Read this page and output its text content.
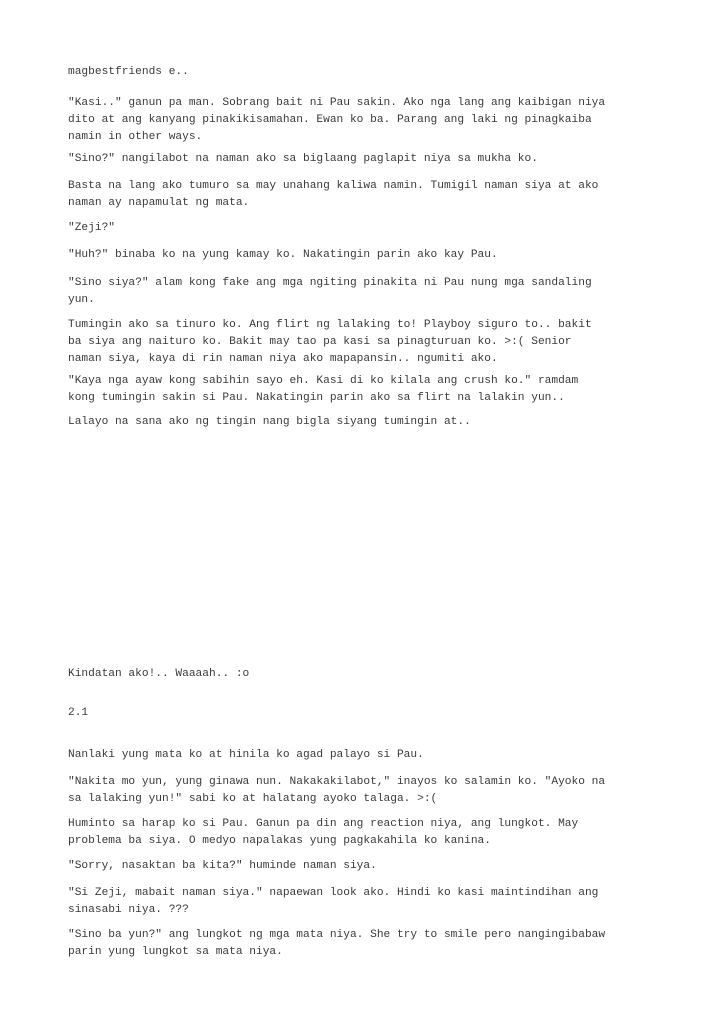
magbestfriends e..

"Kasi.." ganun pa man. Sobrang bait ni Pau sakin. Ako nga lang ang kaibigan niya
dito at ang kanyang pinakikisamahan. Ewan ko ba. Parang ang laki ng pinagkaiba
namin in other ways.

"Sino?" nangilabot na naman ako sa biglaang paglapit niya sa mukha ko.

Basta na lang ako tumuro sa may unahang kaliwa namin. Tumigil naman siya at ako
naman ay napamulat ng mata.

"Zeji?"

"Huh?" binaba ko na yung kamay ko. Nakatingin parin ako kay Pau.

"Sino siya?" alam kong fake ang mga ngiting pinakita ni Pau nung mga sandaling
yun.

Tumingin ako sa tinuro ko. Ang flirt ng lalaking to! Playboy siguro to.. bakit
ba siya ang naituro ko. Bakit may tao pa kasi sa pinagturuan ko. >:( Senior
naman siya, kaya di rin naman niya ako mapapansin.. ngumiti ako.

"Kaya nga ayaw kong sabihin sayo eh. Kasi di ko kilala ang crush ko." ramdam
kong tumingin sakin si Pau. Nakatingin parin ako sa flirt na lalakin yun..

Lalayo na sana ako ng tingin nang bigla siyang tumingin at..

Kindatan ako!.. Waaaah.. :o

2.1

Nanlaki yung mata ko at hinila ko agad palayo si Pau.

"Nakita mo yun, yung ginawa nun. Nakakakilabot," inayos ko salamin ko. "Ayoko na
sa lalaking yun!" sabi ko at halatang ayoko talaga. >:(

Huminto sa harap ko si Pau. Ganun pa din ang reaction niya, ang lungkot. May
problema ba siya. O medyo napalakas yung pagkakahila ko kanina.

"Sorry, nasaktan ba kita?" huminde naman siya.

"Si Zeji, mabait naman siya." napaewan look ako. Hindi ko kasi maintindihan ang
sinasabi niya. ???

"Sino ba yun?" ang lungkot ng mga mata niya. She try to smile pero nangingibabaw
parin yung lungkot sa mata niya.
